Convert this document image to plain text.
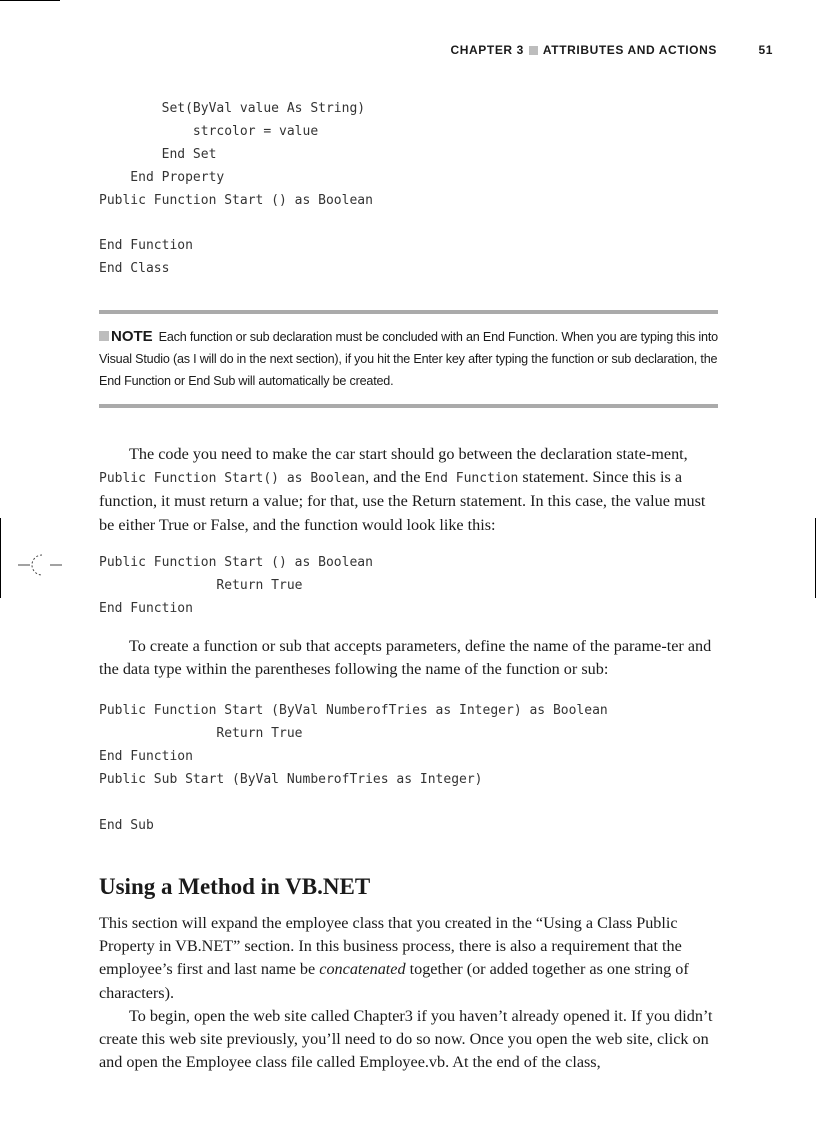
CHAPTER 3 ATTRIBUTES AND ACTIONS	51
Set(ByVal value As String)
strcolor = value
End Set
End Property
Public Function Start () as Boolean

End Function
End Class
NOTE Each function or sub declaration must be concluded with an End Function. When you are typing this into Visual Studio (as I will do in the next section), if you hit the Enter key after typing the function or sub declaration, the End Function or End Sub will automatically be created.

The code you need to make the car start should go between the declaration state-ment, Public Function Start() as Boolean, and the End Function statement. Since this is a function, it must return a value; for that, use the Return statement. In this case, the value must be either True or False, and the function would look like this:

Public Function Start () as Boolean
Return True
End Function

To create a function or sub that accepts parameters, define the name of the parame-ter and the data type within the parentheses following the name of the function or sub:

Public Function Start (ByVal NumberofTries as Integer) as Boolean
Return True
End Function
Public Sub Start (ByVal NumberofTries as Integer)

End Sub
Using a Method in VB.NET

This section will expand the employee class that you created in the “Using a Class Public Property in VB.NET” section. In this business process, there is also a requirement that the employee’s first and last name be concatenated together (or added together as one string of characters).

To begin, open the web site called Chapter3 if you haven’t already opened it. If you didn’t create this web site previously, you’ll need to do so now. Once you open the web site, click on and open the Employee class file called Employee.vb. At the end of the class,
